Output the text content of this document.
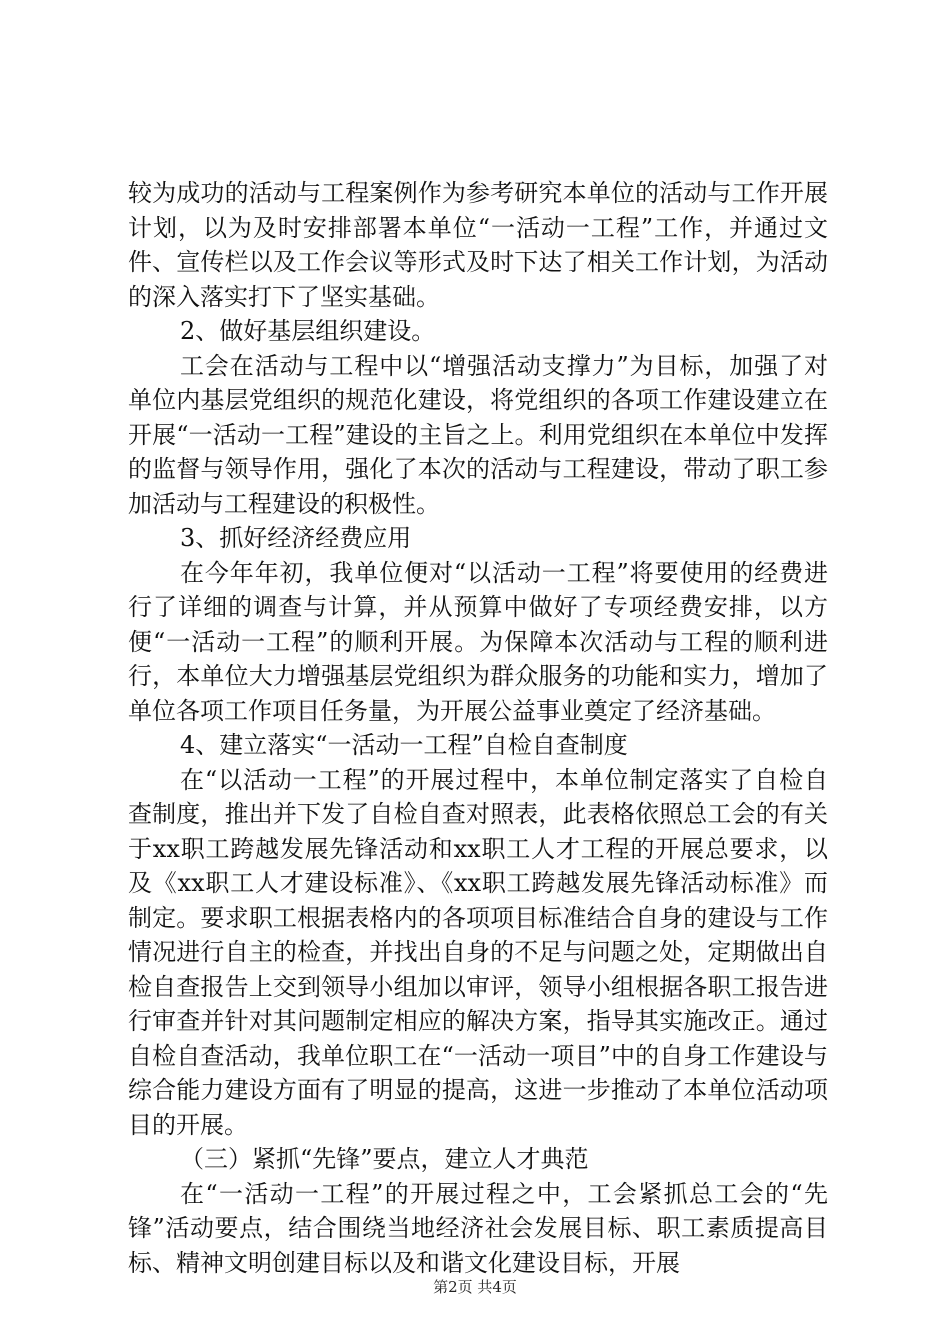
较为成功的活动与工程案例作为参考研究本单位的活动与工作开展计划，以为及时安排部署本单位“一活动一工程”工作，并通过文件、宣传栏以及工作会议等形式及时下达了相关工作计划，为活动的深入落实打下了坚实基础。

2、做好基层组织建设。

工会在活动与工程中以“增强活动支撑力”为目标，加强了对单位内基层党组织的规范化建设，将党组织的各项工作建设建立在开展“一活动一工程”建设的主旨之上。利用党组织在本单位中发挥的监督与领导作用，强化了本次的活动与工程建设，带动了职工参加活动与工程建设的积极性。

3、抓好经济经费应用

在今年年初，我单位便对“以活动一工程”将要使用的经费进行了详细的调查与计算，并从预算中做好了专项经费安排，以方便“一活动一工程”的顺利开展。为保障本次活动与工程的顺利进行，本单位大力增强基层党组织为群众服务的功能和实力，增加了单位各项工作项目任务量，为开展公益事业奠定了经济基础。

4、建立落实“一活动一工程”自检自查制度

在“以活动一工程”的开展过程中，本单位制定落实了自检自查制度，推出并下发了自检自查对照表，此表格依照总工会的有关于xx职工跨越发展先锋活动和xx职工人才工程的开展总要求，以及《xx职工人才建设标准》、《xx职工跨越发展先锋活动标准》而制定。要求职工根据表格内的各项项目标准结合自身的建设与工作情况进行自主的检查，并找出自身的不足与问题之处，定期做出自检自查报告上交到领导小组加以审评，领导小组根据各职工报告进行审查并针对其问题制定相应的解决方案，指导其实施改正。通过自检自查活动，我单位职工在“一活动一项目”中的自身工作建设与综合能力建设方面有了明显的提高，这进一步推动了本单位活动项目的开展。

（三）紧抓“先锋”要点，建立人才典范

在“一活动一工程”的开展过程之中，工会紧抓总工会的“先锋”活动要点，结合围绕当地经济社会发展目标、职工素质提高目标、精神文明创建目标以及和谐文化建设目标，开展

第2页 共4页
